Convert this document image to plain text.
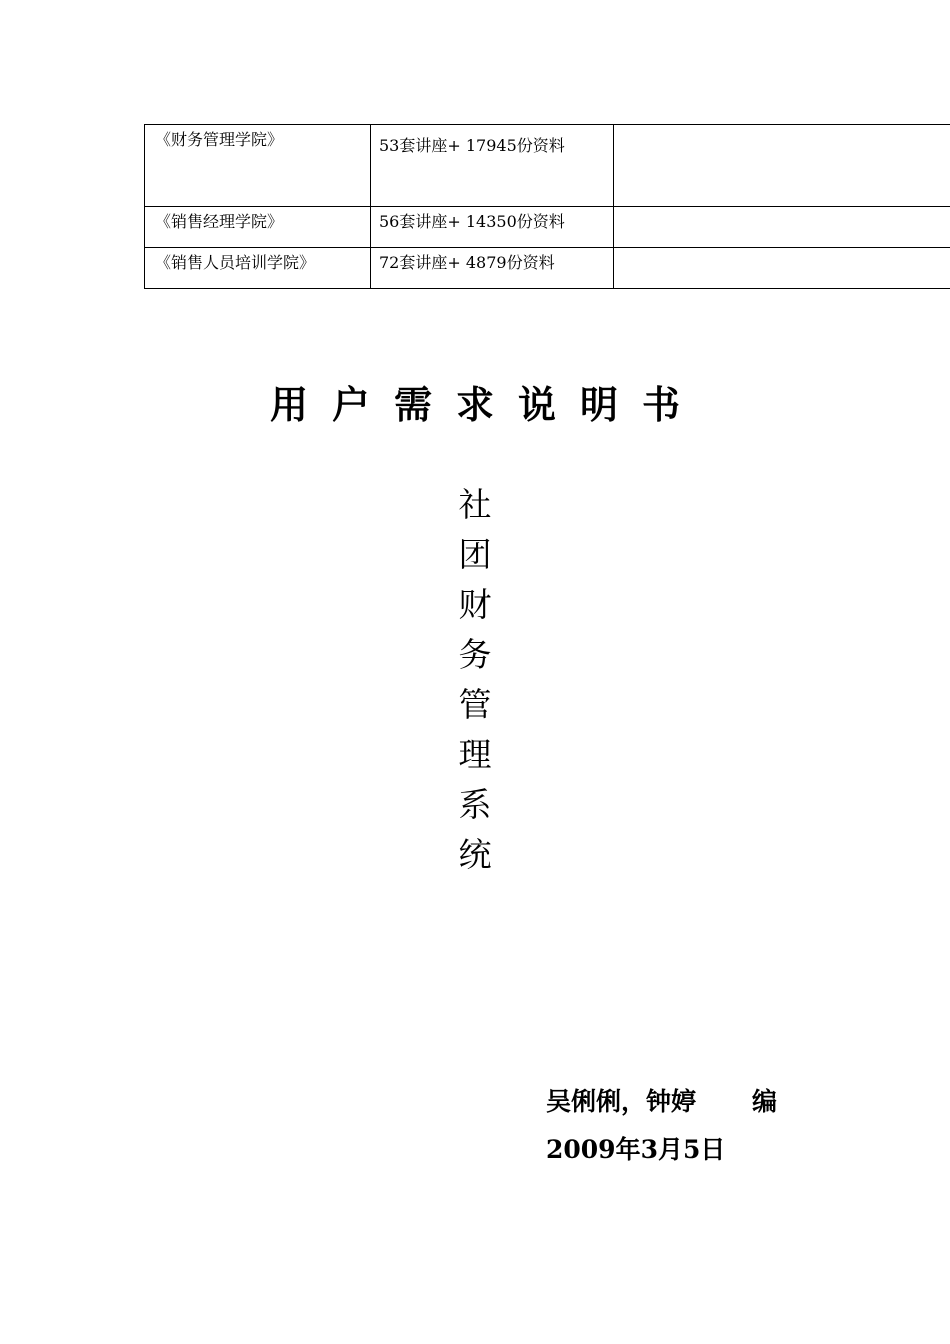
《财务管理学院》	53套讲座+ 17945份资料	
《销售经理学院》	56套讲座+ 14350份资料	
《销售人员培训学院》	72套讲座+ 4879份资料	
用户需求说明书
社团财务管理系统
吴俐俐，钟婷 编
2009年3月5日
